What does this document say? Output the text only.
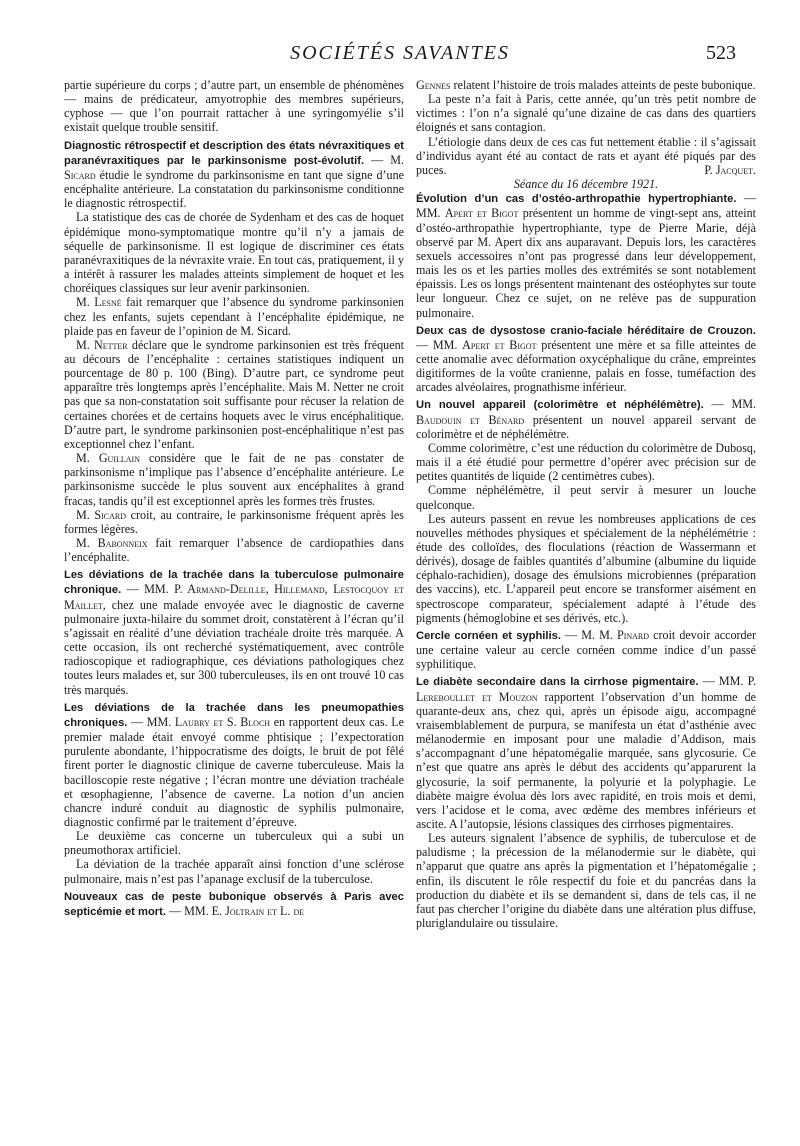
SOCIÉTÉS SAVANTES	523

partie supérieure du corps ; d’autre part, un ensemble de phénomènes — mains de prédicateur, amyotrophie des membres supérieurs, cyphose — que l’on pourrait rattacher à une syringomyélie s’il existait quelque trouble sensitif.

Diagnostic rétrospectif et description des états névraxitiques et paranévraxitiques par le parkinsonisme post-évolutif. — M. Sicard étudie le syndrome du parkinsonisme en tant que signe d’une encéphalite antérieure. La constatation du parkinsonisme conditionne le diagnostic rétrospectif.

La statistique des cas de chorée de Sydenham et des cas de hoquet épidémique mono-symptomatique montre qu’il n’y a jamais de séquelle de parkinsonisme. Il est logique de discriminer ces états paranévraxitiques de la névraxite vraie. En tout cas, pratiquement, il y a intérêt à rassurer les malades atteints simplement de hoquet et les choréiques classiques sur leur avenir parkinsonien.

M. Lesné fait remarquer que l’absence du syndrome parkinsonien chez les enfants, sujets cependant à l’encéphalite épidémique, ne plaide pas en faveur de l’opinion de M. Sicard.

M. Netter déclare que le syndrome parkinsonien est très fréquent au décours de l’encéphalite : certaines statistiques indiquent un pourcentage de 80 p. 100 (Bing). D’autre part, ce syndrome peut apparaître très longtemps après l’encéphalite. Mais M. Netter ne croit pas que sa non-constatation soit suffisante pour récuser la relation de certaines chorées et de certains hoquets avec le virus encéphalitique. D’autre part, le syndrome parkinsonien post-encéphalitique n’est pas exceptionnel chez l’enfant.

M. Guillain considère que le fait de ne pas constater de parkinsonisme n’implique pas l’absence d’encéphalite antérieure. Le parkinsonisme succède le plus souvent aux encéphalites à grand fracas, tandis qu’il est exceptionnel après les formes très frustes.

M. Sicard croit, au contraire, le parkinsonisme fréquent après les formes légères.

M. Babonneix fait remarquer l’absence de cardiopathies dans l’encéphalite.

Les déviations de la trachée dans la tuberculose pulmonaire chronique. — MM. P. Armand-Delille, Hillemand, Lestocquoy et Maillet, chez une malade envoyée avec le diagnostic de caverne pulmonaire juxta-hilaire du sommet droit, constatèrent à l’écran qu’il s’agissait en réalité d’une déviation trachéale droite très marquée. A cette occasion, ils ont recherché systématiquement, avec contrôle radioscopique et radiographique, ces déviations pathologiques chez toutes leurs malades et, sur 300 tuberculeuses, ils en ont trouvé 10 cas très marqués.

Les déviations de la trachée dans les pneumopathies chroniques. — MM. Laubry et S. Bloch en rapportent deux cas. Le premier malade était envoyé comme phtisique ; l’expectoration purulente abondante, l’hippocratisme des doigts, le bruit de pot fêlé firent porter le diagnostic clinique de caverne tuberculeuse. Mais la bacilloscopie reste négative ; l’écran montre une déviation trachéale et œsophagienne, l’absence de caverne. La notion d’un ancien chancre induré conduit au diagnostic de syphilis pulmonaire, diagnostic confirmé par le traitement d’épreuve.

Le deuxième cas concerne un tuberculeux qui a subi un pneumothorax artificiel.

La déviation de la trachée apparaît ainsi fonction d’une sclérose pulmonaire, mais n’est pas l’apanage exclusif de la tuberculose.

Nouveaux cas de peste bubonique observés à Paris avec septicémie et mort. — MM. E. Joltrain et L. de

Gennes relatent l’histoire de trois malades atteints de peste bubonique.

La peste n’a fait à Paris, cette année, qu’un très petit nombre de victimes : l’on n’a signalé qu’une dizaine de cas dans des quartiers éloignés et sans contagion.

L’étiologie dans deux de ces cas fut nettement établie : il s’agissait d’individus ayant été au contact de rats et ayant été piqués par des puces.	P. Jacquet.

Séance du 16 décembre 1921.

Évolution d’un cas d’ostéo-arthropathie hypertrophiante. — MM. Apert et Bigot présentent un homme de vingt-sept ans, atteint d’ostéo-arthropathie hypertrophiante, type de Pierre Marie, déjà observé par M. Apert dix ans auparavant. Depuis lors, les caractères sexuels accessoires n’ont pas progressé dans leur développement, mais les os et les parties molles des extrémités se sont notablement épaissis. Les os longs présentent maintenant des ostéophytes sur toute leur longueur. Chez ce sujet, on ne relève pas de suppuration pulmonaire.

Deux cas de dysostose cranio-faciale héréditaire de Crouzon. — MM. Apert et Bigot présentent une mère et sa fille atteintes de cette anomalie avec déformation oxycéphalique du crâne, empreintes digitiformes de la voûte cranienne, palais en fosse, tuméfaction des arcades alvéolaires, prognathisme inférieur.

Un nouvel appareil (colorimètre et néphélémètre). — MM. Baudouin et Bénard présentent un nouvel appareil servant de colorimètre et de néphélémètre.

Comme colorimètre, c’est une réduction du colorimètre de Dubosq, mais il a été étudié pour permettre d’opérer avec précision sur de petites quantités de liquide (2 centimètres cubes).

Comme néphélémètre, il peut servir à mesurer un louche quelconque.

Les auteurs passent en revue les nombreuses applications de ces nouvelles méthodes physiques et spécialement de la néphélémétrie : étude des colloïdes, des floculations (réaction de Wassermann et dérivés), dosage de faibles quantités d’albumine (albumine du liquide céphalo-rachidien), dosage des émulsions microbiennes (préparation des vaccins), etc. L’appareil peut encore se transformer aisément en spectroscope comparateur, spécialement adapté à l’étude des pigments (hémoglobine et ses dérivés, etc.).

Cercle cornéen et syphilis. — M. M. Pinard croit devoir accorder une certaine valeur au cercle cornéen comme indice d’un passé syphilitique.

Le diabète secondaire dans la cirrhose pigmentaire. — MM. P. Lereboullet et Mouzon rapportent l’observation d’un homme de quarante-deux ans, chez qui, après un épisode aigu, accompagné vraisemblablement de purpura, se manifesta un état d’asthénie avec mélanodermie en imposant pour une maladie d’Addison, mais s’accompagnant d’une hépatomégalie marquée, sans glycosurie. Ce n’est que quatre ans après le début des accidents qu’apparurent la glycosurie, la soif permanente, la polyurie et la polyphagie. Le diabète maigre évolua dès lors avec rapidité, en trois mois et demi, vers l’acidose et le coma, avec œdème des membres inférieurs et ascite. A l’autopsie, lésions classiques des cirrhoses pigmentaires.

Les auteurs signalent l’absence de syphilis, de tuberculose et de paludisme ; la précession de la mélanodermie sur le diabète, qui n’apparut que quatre ans après la pigmentation et l’hépatomégalie ; enfin, ils discutent le rôle respectif du foie et du pancréas dans la production du diabète et ils se demandent si, dans de tels cas, il ne faut pas chercher l’origine du diabète dans une altération plus diffuse, pluriglandulaire ou tissulaire.
